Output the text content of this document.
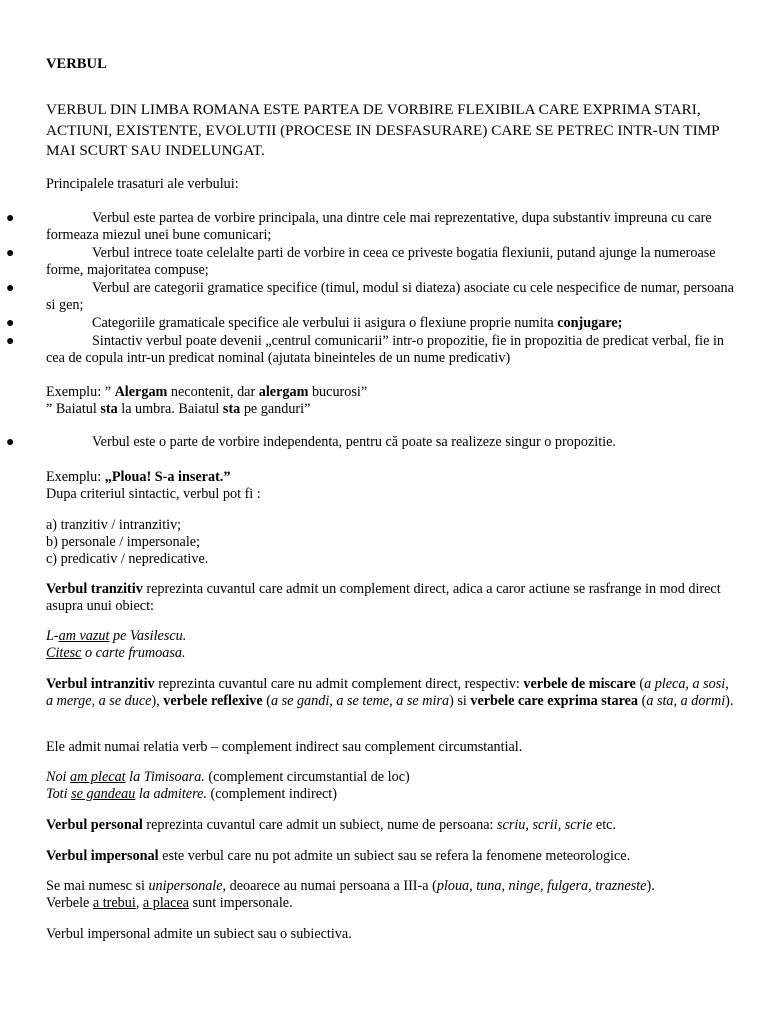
VERBUL

VERBUL DIN LIMBA ROMANA ESTE PARTEA DE VORBIRE FLEXIBILA CARE EXPRIMA STARI, ACTIUNI, EXISTENTE, EVOLUTII (PROCESE IN DESFASURARE) CARE SE PETREC INTR-UN TIMP MAI SCURT SAU INDELUNGAT.

Principalele trasaturi ale verbului:

●	Verbul este partea de vorbire principala, una dintre cele mai reprezentative, dupa substantiv impreuna cu care formeaza miezul unei bune comunicari;
●	Verbul intrece toate celelalte parti de vorbire in ceea ce priveste bogatia flexiunii, putand ajunge la numeroase forme, majoritatea compuse;
●	Verbul are categorii gramatice specifice (timul, modul si diateza) asociate cu cele nespecifice de numar, persoana si gen;
●	Categoriile gramaticale specifice ale verbului ii asigura o flexiune proprie numita conjugare;
●	Sintactiv verbul poate devenii „centrul comunicarii” intr-o propozitie, fie in propozitia de predicat verbal, fie in cea de copula intr-un predicat nominal (ajutata bineinteles de un nume predicativ)

Exemplu: ” Alergam necontenit, dar alergam bucurosi”

” Baiatul sta la umbra. Baiatul sta pe ganduri”

●	Verbul este o parte de vorbire independenta, pentru că poate sa realizeze singur o propozitie.

Exemplu: „Ploua! S-a inserat.”

Dupa criteriul sintactic, verbul pot fi :

a) tranzitiv / intranzitiv;

b) personale / impersonale;

c) predicativ / nepredicative.

Verbul tranzitiv reprezinta cuvantul care admit un complement direct, adica a caror actiune se rasfrange in mod direct asupra unui obiect:

L-am vazut pe Vasilescu.

Citesc o carte frumoasa.

Verbul intranzitiv reprezinta cuvantul care nu admit complement direct, respectiv: verbele de miscare (a pleca, a sosi, a merge, a se duce), verbele reflexive (a se gandi, a se teme, a se mira) si verbele care exprima starea (a sta, a dormi).

Ele admit numai relatia verb – complement indirect sau complement circumstantial.

Noi am plecat la Timisoara. (complement circumstantial de loc)

Toti se gandeau la admitere. (complement indirect)

Verbul personal reprezinta cuvantul care admit un subiect, nume de persoana: scriu, scrii, scrie etc.

Verbul impersonal este verbul care nu pot admite un subiect sau se refera la fenomene meteorologice.

Se mai numesc si unipersonale, deoarece au numai persoana a III-a (ploua, tuna, ninge, fulgera, trazneste).
Verbele a trebui, a placea sunt impersonale.

Verbul impersonal admite un subiect sau o subiectiva.
